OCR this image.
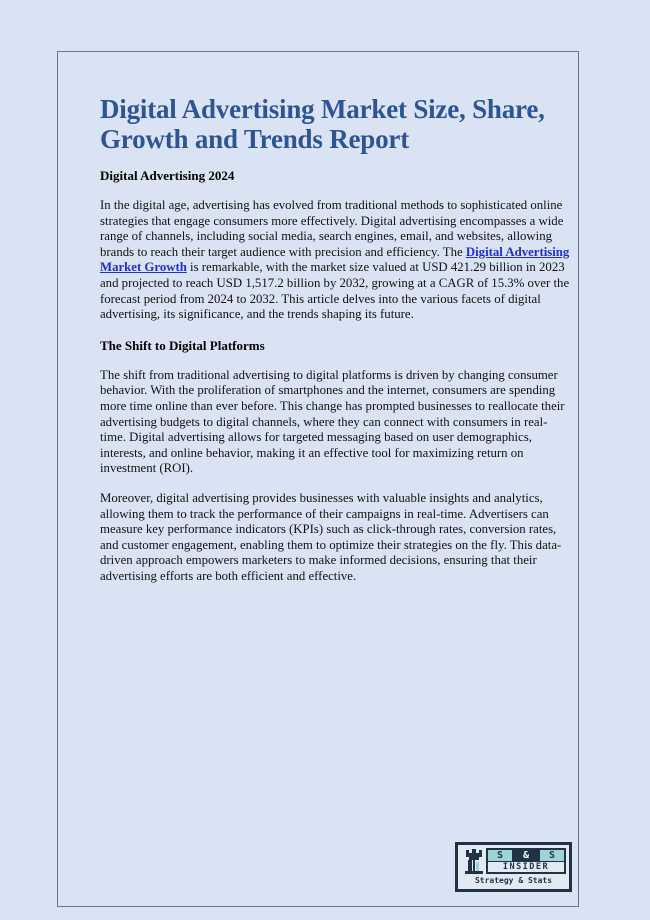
Digital Advertising Market Size, Share, Growth and Trends Report
Digital Advertising 2024

In the digital age, advertising has evolved from traditional methods to sophisticated online strategies that engage consumers more effectively. Digital advertising encompasses a wide range of channels, including social media, search engines, email, and websites, allowing brands to reach their target audience with precision and efficiency. The Digital Advertising Market Growth is remarkable, with the market size valued at USD 421.29 billion in 2023 and projected to reach USD 1,517.2 billion by 2032, growing at a CAGR of 15.3% over the forecast period from 2024 to 2032. This article delves into the various facets of digital advertising, its significance, and the trends shaping its future.

The Shift to Digital Platforms

The shift from traditional advertising to digital platforms is driven by changing consumer behavior. With the proliferation of smartphones and the internet, consumers are spending more time online than ever before. This change has prompted businesses to reallocate their advertising budgets to digital channels, where they can connect with consumers in real-time. Digital advertising allows for targeted messaging based on user demographics, interests, and online behavior, making it an effective tool for maximizing return on investment (ROI).

Moreover, digital advertising provides businesses with valuable insights and analytics, allowing them to track the performance of their campaigns in real-time. Advertisers can measure key performance indicators (KPIs) such as click-through rates, conversion rates, and customer engagement, enabling them to optimize their strategies on the fly. This data-driven approach empowers marketers to make informed decisions, ensuring that their advertising efforts are both efficient and effective.

S	&	S
INSIDER
Strategy & Stats
